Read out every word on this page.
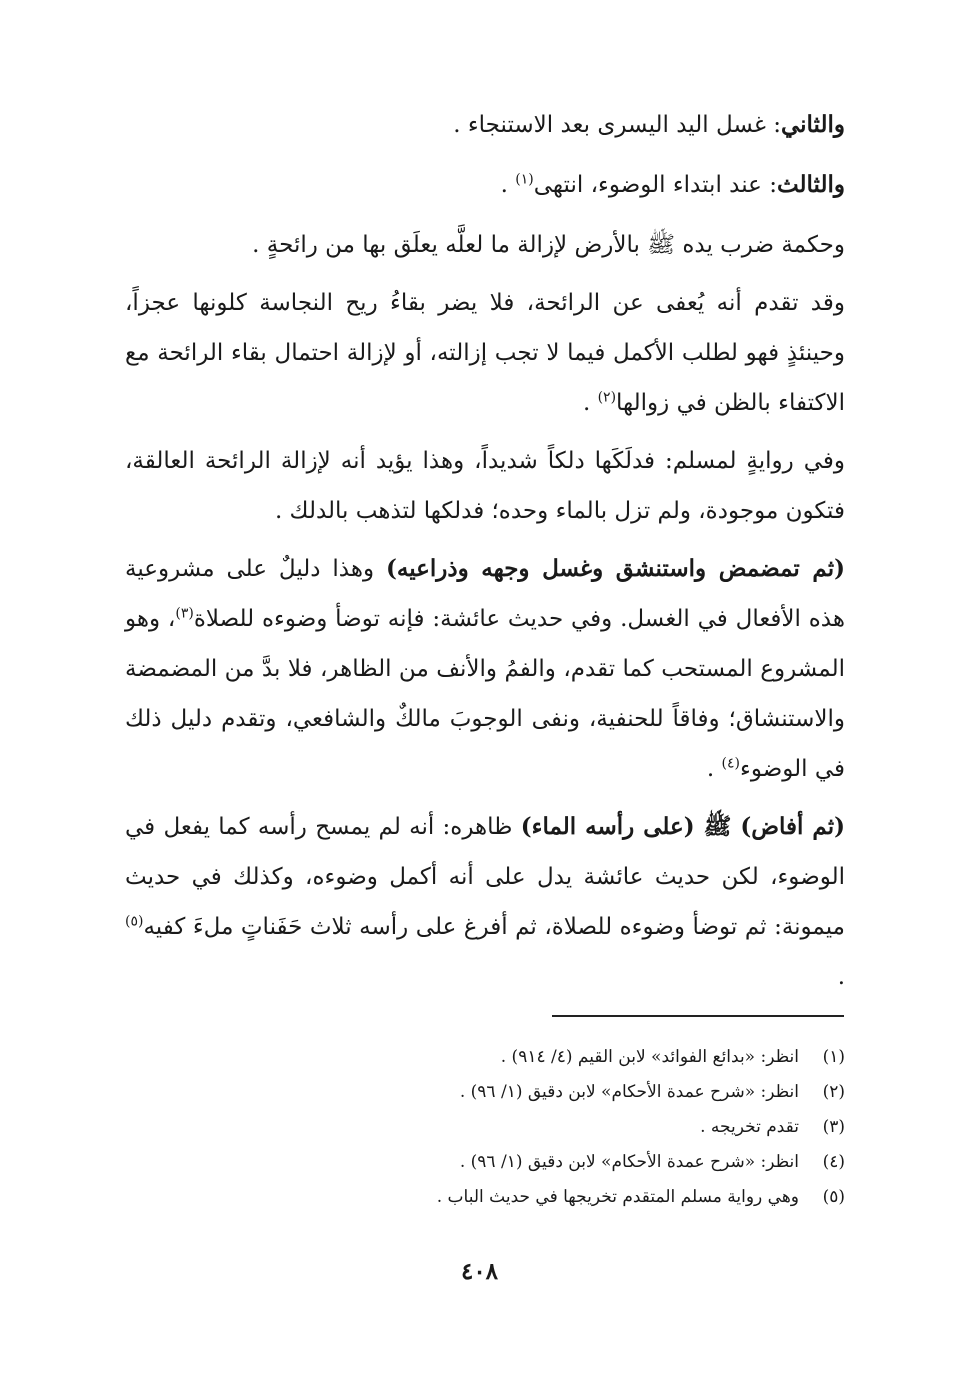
والثاني: غسل اليد اليسرى بعد الاستنجاء .

والثالث: عند ابتداء الوضوء، انتهى$^{(١)}$ .

وحكمة ضرب يده ﷺ بالأرض لإزالة ما لعلَّه يعلَق بها من رائحةٍ .

وقد تقدم أنه يُعفى عن الرائحة، فلا يضر بقاءُ ريح النجاسة كلونها عجزاً، وحينئذٍ فهو لطلب الأكمل فيما لا تجب إزالته، أو لإزالة احتمال بقاء الرائحة مع الاكتفاء بالظن في زوالها$^{(٢)}$ .

وفي روايةٍ لمسلم: فدلَكَها دلكاً شديداً، وهذا يؤيد أنه لإزالة الرائحة العالقة، فتكون موجودة، ولم تزل بالماء وحده؛ فدلكها لتذهب بالدلك .

(ثم تمضمض واستنشق وغسل وجهه وذراعيه) وهذا دليلٌ على مشروعية هذه الأفعال في الغسل. وفي حديث عائشة: فإنه توضأ وضوءه للصلاة$^{(٣)}$، وهو المشروع المستحب كما تقدم، والفمُ والأنف من الظاهر، فلا بدَّ من المضمضة والاستنشاق؛ وفاقاً للحنفية، ونفى الوجوبَ مالكٌ والشافعي، وتقدم دليل ذلك في الوضوء$^{(٤)}$ .

(ثم أفاض) ﷺ (على رأسه الماء) ظاهره: أنه لم يمسح رأسه كما يفعل في الوضوء، لكن حديث عائشة يدل على أنه أكمل وضوءه، وكذلك في حديث ميمونة: ثم توضأ وضوءه للصلاة، ثم أفرغ على رأسه ثلاث حَفَناتٍ ملءَ كفيه$^{(٥)}$ .

(١)
انظر: «بدائع الفوائد» لابن القيم (٤/ ٩١٤) .
(٢)
انظر: «شرح عمدة الأحكام» لابن دقيق (١/ ٩٦) .
(٣)
تقدم تخريجه .
(٤)
انظر: «شرح عمدة الأحكام» لابن دقيق (١/ ٩٦) .
(٥)
وهي رواية مسلم المتقدم تخريجها في حديث الباب .
٤٠٨
